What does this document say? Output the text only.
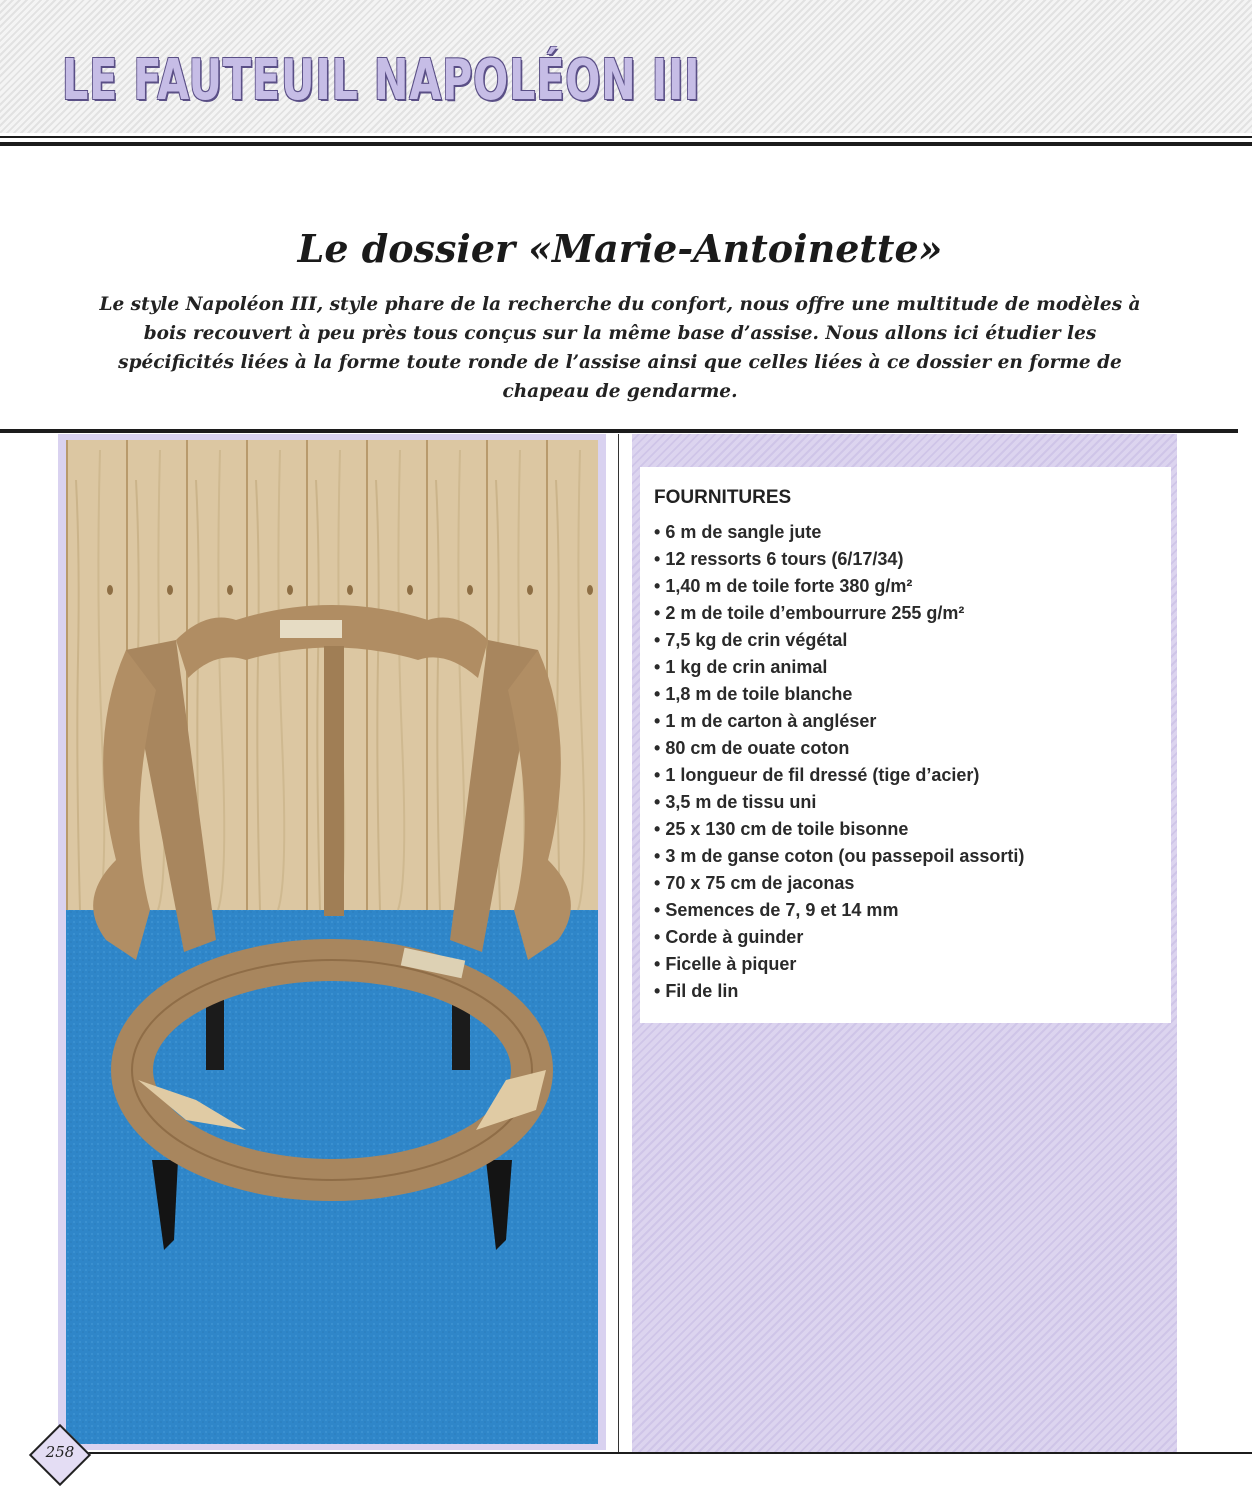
LE FAUTEUIL NAPOLÉON III
Le dossier «Marie-Antoinette»
Le style Napoléon III, style phare de la recherche du confort, nous offre une multitude de modèles à bois recouvert à peu près tous conçus sur la même base d’assise. Nous allons ici étudier les spécificités liées à la forme toute ronde de l’assise ainsi que celles liées à ce dossier en forme de chapeau de gendarme.
FOURNITURES
• 6 m de sangle jute
• 12 ressorts 6 tours (6/17/34)
• 1,40 m de toile forte 380 g/m²
• 2 m de toile d’embourrure 255 g/m²
• 7,5 kg de crin végétal
• 1 kg de crin animal
• 1,8 m de toile blanche
• 1 m de carton à angléser
• 80 cm de ouate coton
• 1 longueur de fil dressé (tige d’acier)
• 3,5 m de tissu uni
• 25 x 130 cm de toile bisonne
• 3 m de ganse coton (ou passepoil assorti)
• 70 x 75 cm de jaconas
• Semences de 7, 9 et 14 mm
• Corde à guinder
• Ficelle à piquer
• Fil de lin
258
